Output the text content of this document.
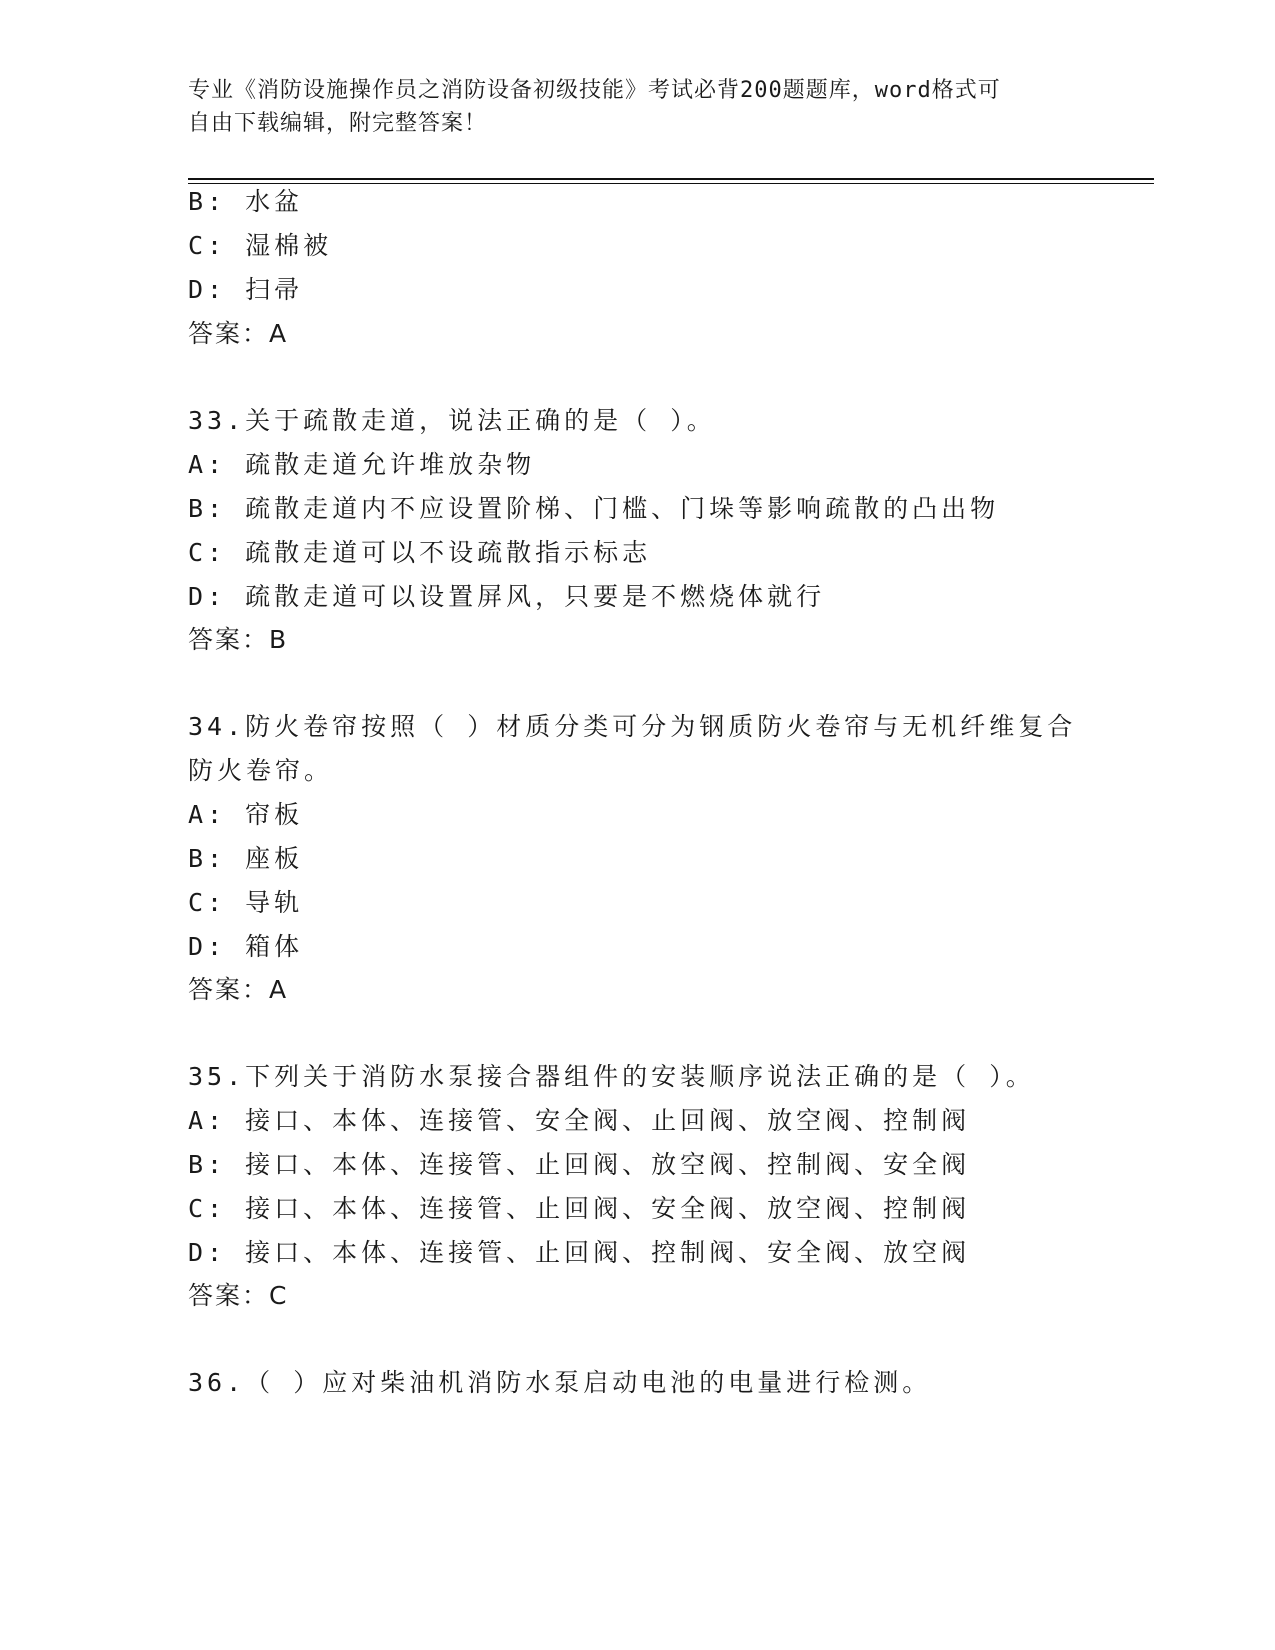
专业《消防设施操作员之消防设备初级技能》考试必背200题题库，word格式可
自由下载编辑，附完整答案！
B: 水盆
C: 湿棉被
D: 扫帚
答案：A
33.关于疏散走道，说法正确的是（ ）。
A: 疏散走道允许堆放杂物
B: 疏散走道内不应设置阶梯、门槛、门垛等影响疏散的凸出物
C: 疏散走道可以不设疏散指示标志
D: 疏散走道可以设置屏风，只要是不燃烧体就行
答案：B
34.防火卷帘按照（ ）材质分类可分为钢质防火卷帘与无机纤维复合
防火卷帘。
A: 帘板
B: 座板
C: 导轨
D: 箱体
答案：A
35.下列关于消防水泵接合器组件的安装顺序说法正确的是（ ）。
A: 接口、本体、连接管、安全阀、止回阀、放空阀、控制阀
B: 接口、本体、连接管、止回阀、放空阀、控制阀、安全阀
C: 接口、本体、连接管、止回阀、安全阀、放空阀、控制阀
D: 接口、本体、连接管、止回阀、控制阀、安全阀、放空阀
答案：C
36.（ ）应对柴油机消防水泵启动电池的电量进行检测。
